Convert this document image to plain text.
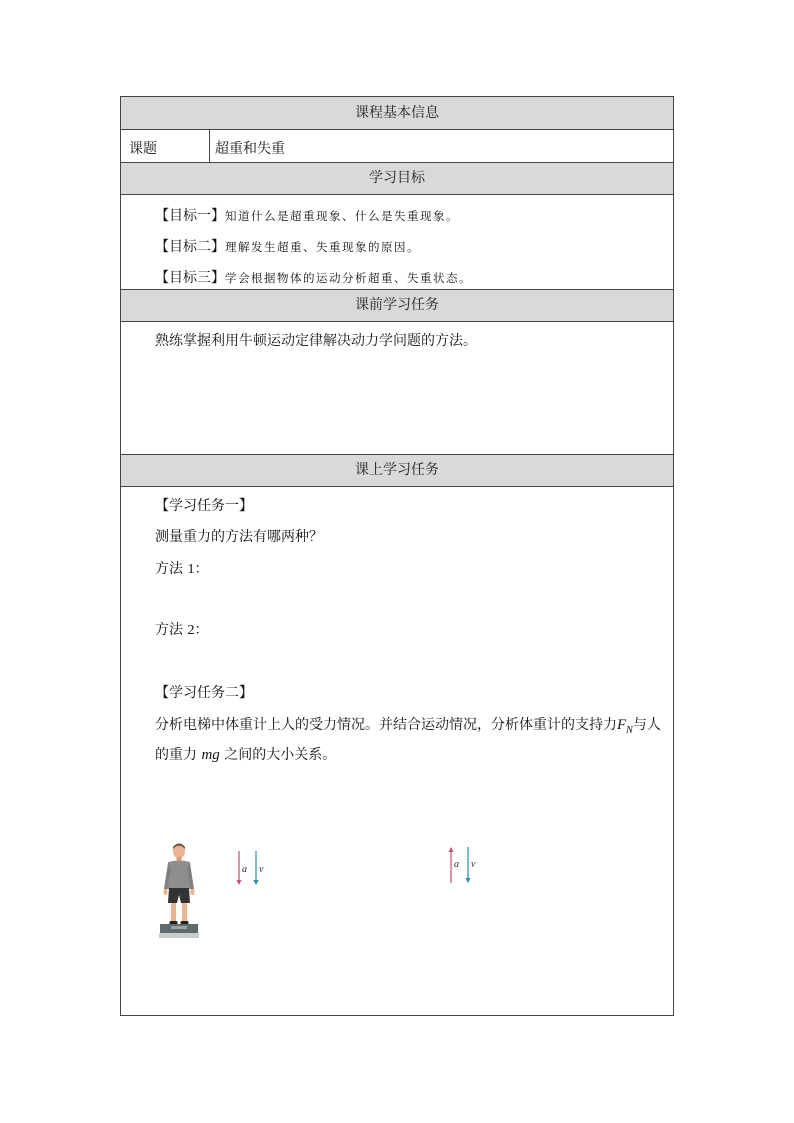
课程基本信息
课题	超重和失重
学习目标
【目标一】知道什么是超重现象、什么是失重现象。
【目标二】理解发生超重、失重现象的原因。
【目标三】学会根据物体的运动分析超重、失重状态。
课前学习任务
熟练掌握利用牛顿运动定律解决动力学问题的方法。
课上学习任务
【学习任务一】
测量重力的方法有哪两种？
方法 1：
方法 2：
【学习任务二】
分析电梯中体重计上人的受力情况。并结合运动情况，分析体重计的支持力$F_N$与人
的重力 mg 之间的大小关系。
a v	a v
